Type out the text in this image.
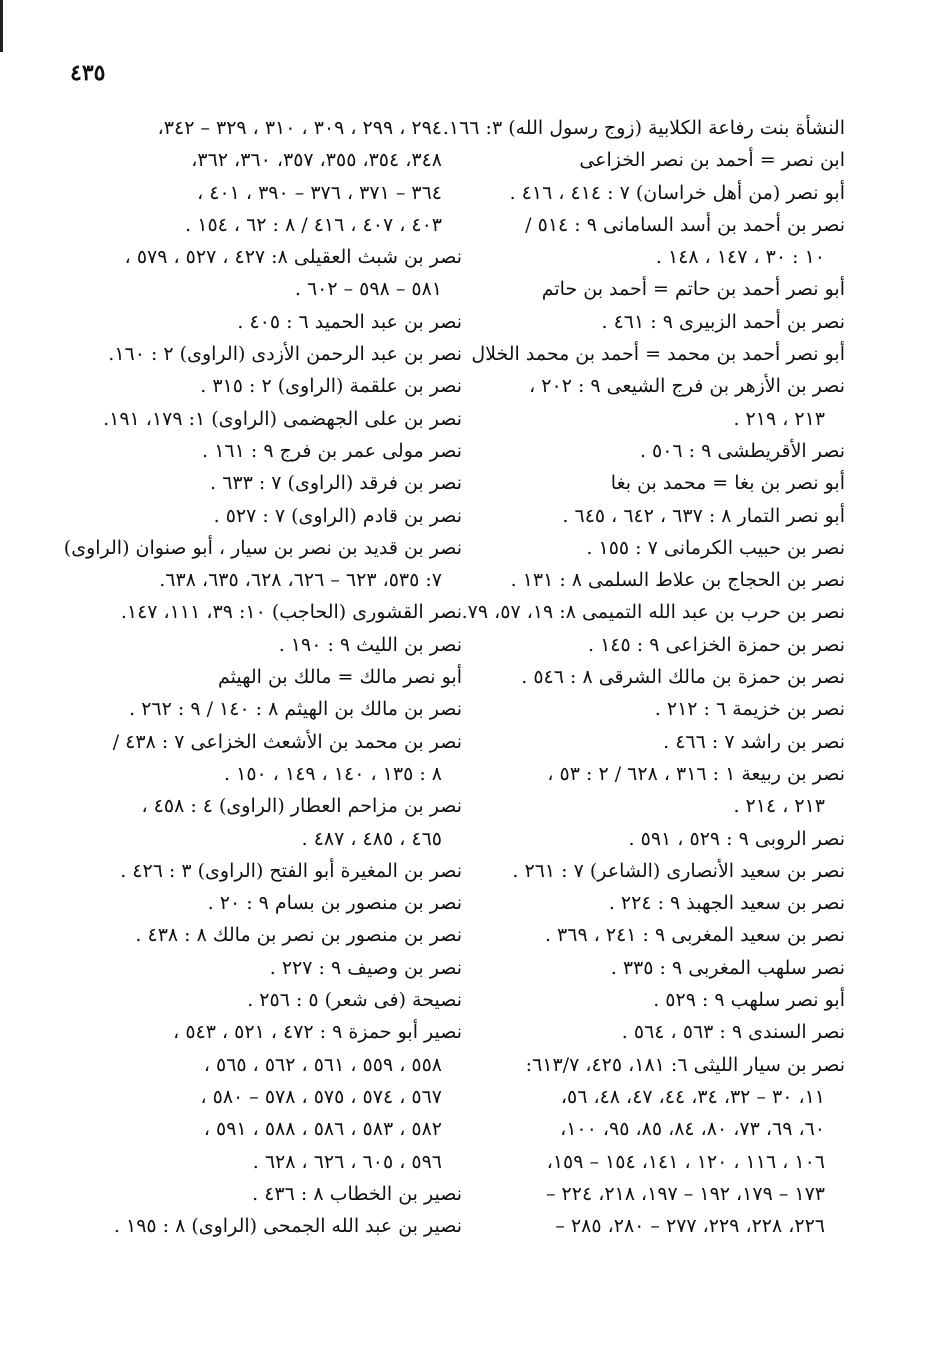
٤٣٥
النشأة بنت رفاعة الكلابية (زوج رسول الله) ٣: ١٦٦.
ابن نصر = أحمد بن نصر الخزاعى
أبو نصر (من أهل خراسان) ٧ : ٤١٤ ، ٤١٦ .
نصر بن أحمد بن أسد السامانى ٩ : ٥١٤ /
١٠ : ٣٠ ، ١٤٧ ، ١٤٨ .
أبو نصر أحمد بن حاتم = أحمد بن حاتم
نصر بن أحمد الزبيرى ٩ : ٤٦١ .
أبو نصر أحمد بن محمد = أحمد بن محمد الخلال
نصر بن الأزهر بن فرج الشيعى ٩ : ٢٠٢ ،
٢١٣ ، ٢١٩ .
نصر الأقريطشى ٩ : ٥٠٦ .
أبو نصر بن بغا = محمد بن بغا
أبو نصر التمار ٨ : ٦٣٧ ، ٦٤٢ ، ٦٤٥ .
نصر بن حبيب الكرمانى ٧ : ١٥٥ .
نصر بن الحجاج بن علاط السلمى ٨ : ١٣١ .
نصر بن حرب بن عبد الله التميمى ٨: ١٩، ٥٧، ٧٩.
نصر بن حمزة الخزاعى ٩ : ١٤٥ .
نصر بن حمزة بن مالك الشرقى ٨ : ٥٤٦ .
نصر بن خزيمة ٦ : ٢١٢ .
نصر بن راشد ٧ : ٤٦٦ .
نصر بن ربيعة ١ : ٣١٦ ، ٦٢٨ / ٢ : ٥٣ ،
٢١٣ ، ٢١٤ .
نصر الروبى ٩ : ٥٢٩ ، ٥٩١ .
نصر بن سعيد الأنصارى (الشاعر) ٧ : ٢٦١ .
نصر بن سعيد الجهبذ ٩ : ٢٢٤ .
نصر بن سعيد المغربى ٩ : ٢٤١ ، ٣٦٩ .
نصر سلهب المغربى ٩ : ٣٣٥ .
أبو نصر سلهب ٩ : ٥٢٩ .
نصر السندى ٩ : ٥٦٣ ، ٥٦٤ .
نصر بن سيار الليثى ٦: ١٨١، ٤٢٥، ٦١٣/٧:
١١، ٣٠ – ٣٢، ٣٤، ٤٤، ٤٧، ٤٨، ٥٦،
٦٠، ٦٩، ٧٣، ٨٠، ٨٤، ٨٥، ٩٥، ١٠٠،
١٠٦ ، ١١٦ ، ١٢٠ ، ١٤١، ١٥٤ – ١٥٩،
١٧٣ – ١٧٩، ١٩٢ – ١٩٧، ٢١٨، ٢٢٤ –
٢٢٦، ٢٢٨، ٢٢٩، ٢٧٧ – ٢٨٠، ٢٨٥ –
٢٩٤ ، ٢٩٩ ، ٣٠٩ ، ٣١٠ ، ٣٢٩ – ٣٤٢،
٣٤٨، ٣٥٤، ٣٥٥، ٣٥٧، ٣٦٠، ٣٦٢،
٣٦٤ – ٣٧١ ، ٣٧٦ – ٣٩٠ ، ٤٠١ ،
٤٠٣ ، ٤٠٧ ، ٤١٦ / ٨ : ٦٢ ، ١٥٤ .
نصر بن شبث العقيلى ٨: ٤٢٧ ، ٥٢٧ ، ٥٧٩ ،
٥٨١ – ٥٩٨ – ٦٠٢ .
نصر بن عبد الحميد ٦ : ٤٠٥ .
نصر بن عبد الرحمن الأزدى (الراوى) ٢ : ١٦٠.
نصر بن علقمة (الراوى) ٢ : ٣١٥ .
نصر بن على الجهضمى (الراوى) ١: ١٧٩، ١٩١.
نصر مولى عمر بن فرج ٩ : ١٦١ .
نصر بن فرقد (الراوى) ٧ : ٦٣٣ .
نصر بن قادم (الراوى) ٧ : ٥٢٧ .
نصر بن قديد بن نصر بن سيار ، أبو صنوان (الراوى)
٧: ٥٣٥، ٦٢٣ – ٦٢٦، ٦٢٨، ٦٣٥، ٦٣٨.
نصر القشورى (الحاجب) ١٠: ٣٩، ١١١، ١٤٧.
نصر بن الليث ٩ : ١٩٠ .
أبو نصر مالك = مالك بن الهيثم
نصر بن مالك بن الهيثم ٨ : ١٤٠ / ٩ : ٢٦٢ .
نصر بن محمد بن الأشعث الخزاعى ٧ : ٤٣٨ /
٨ : ١٣٥ ، ١٤٠ ، ١٤٩ ، ١٥٠ .
نصر بن مزاحم العطار (الراوى) ٤ : ٤٥٨ ،
٤٦٥ ، ٤٨٥ ، ٤٨٧ .
نصر بن المغيرة أبو الفتح (الراوى) ٣ : ٤٢٦ .
نصر بن منصور بن بسام ٩ : ٢٠ .
نصر بن منصور بن نصر بن مالك ٨ : ٤٣٨ .
نصر بن وصيف ٩ : ٢٢٧ .
نصيحة (فى شعر) ٥ : ٢٥٦ .
نصير أبو حمزة ٩ : ٤٧٢ ، ٥٢١ ، ٥٤٣ ،
٥٥٨ ، ٥٥٩ ، ٥٦١ ، ٥٦٢ ، ٥٦٥ ،
٥٦٧ ، ٥٧٤ ، ٥٧٥ ، ٥٧٨ – ٥٨٠ ،
٥٨٢ ، ٥٨٣ ، ٥٨٦ ، ٥٨٨ ، ٥٩١ ،
٥٩٦ ، ٦٠٥ ، ٦٢٦ ، ٦٢٨ .
نصير بن الخطاب ٨ : ٤٣٦ .
نصير بن عبد الله الجمحى (الراوى) ٨ : ١٩٥ .
